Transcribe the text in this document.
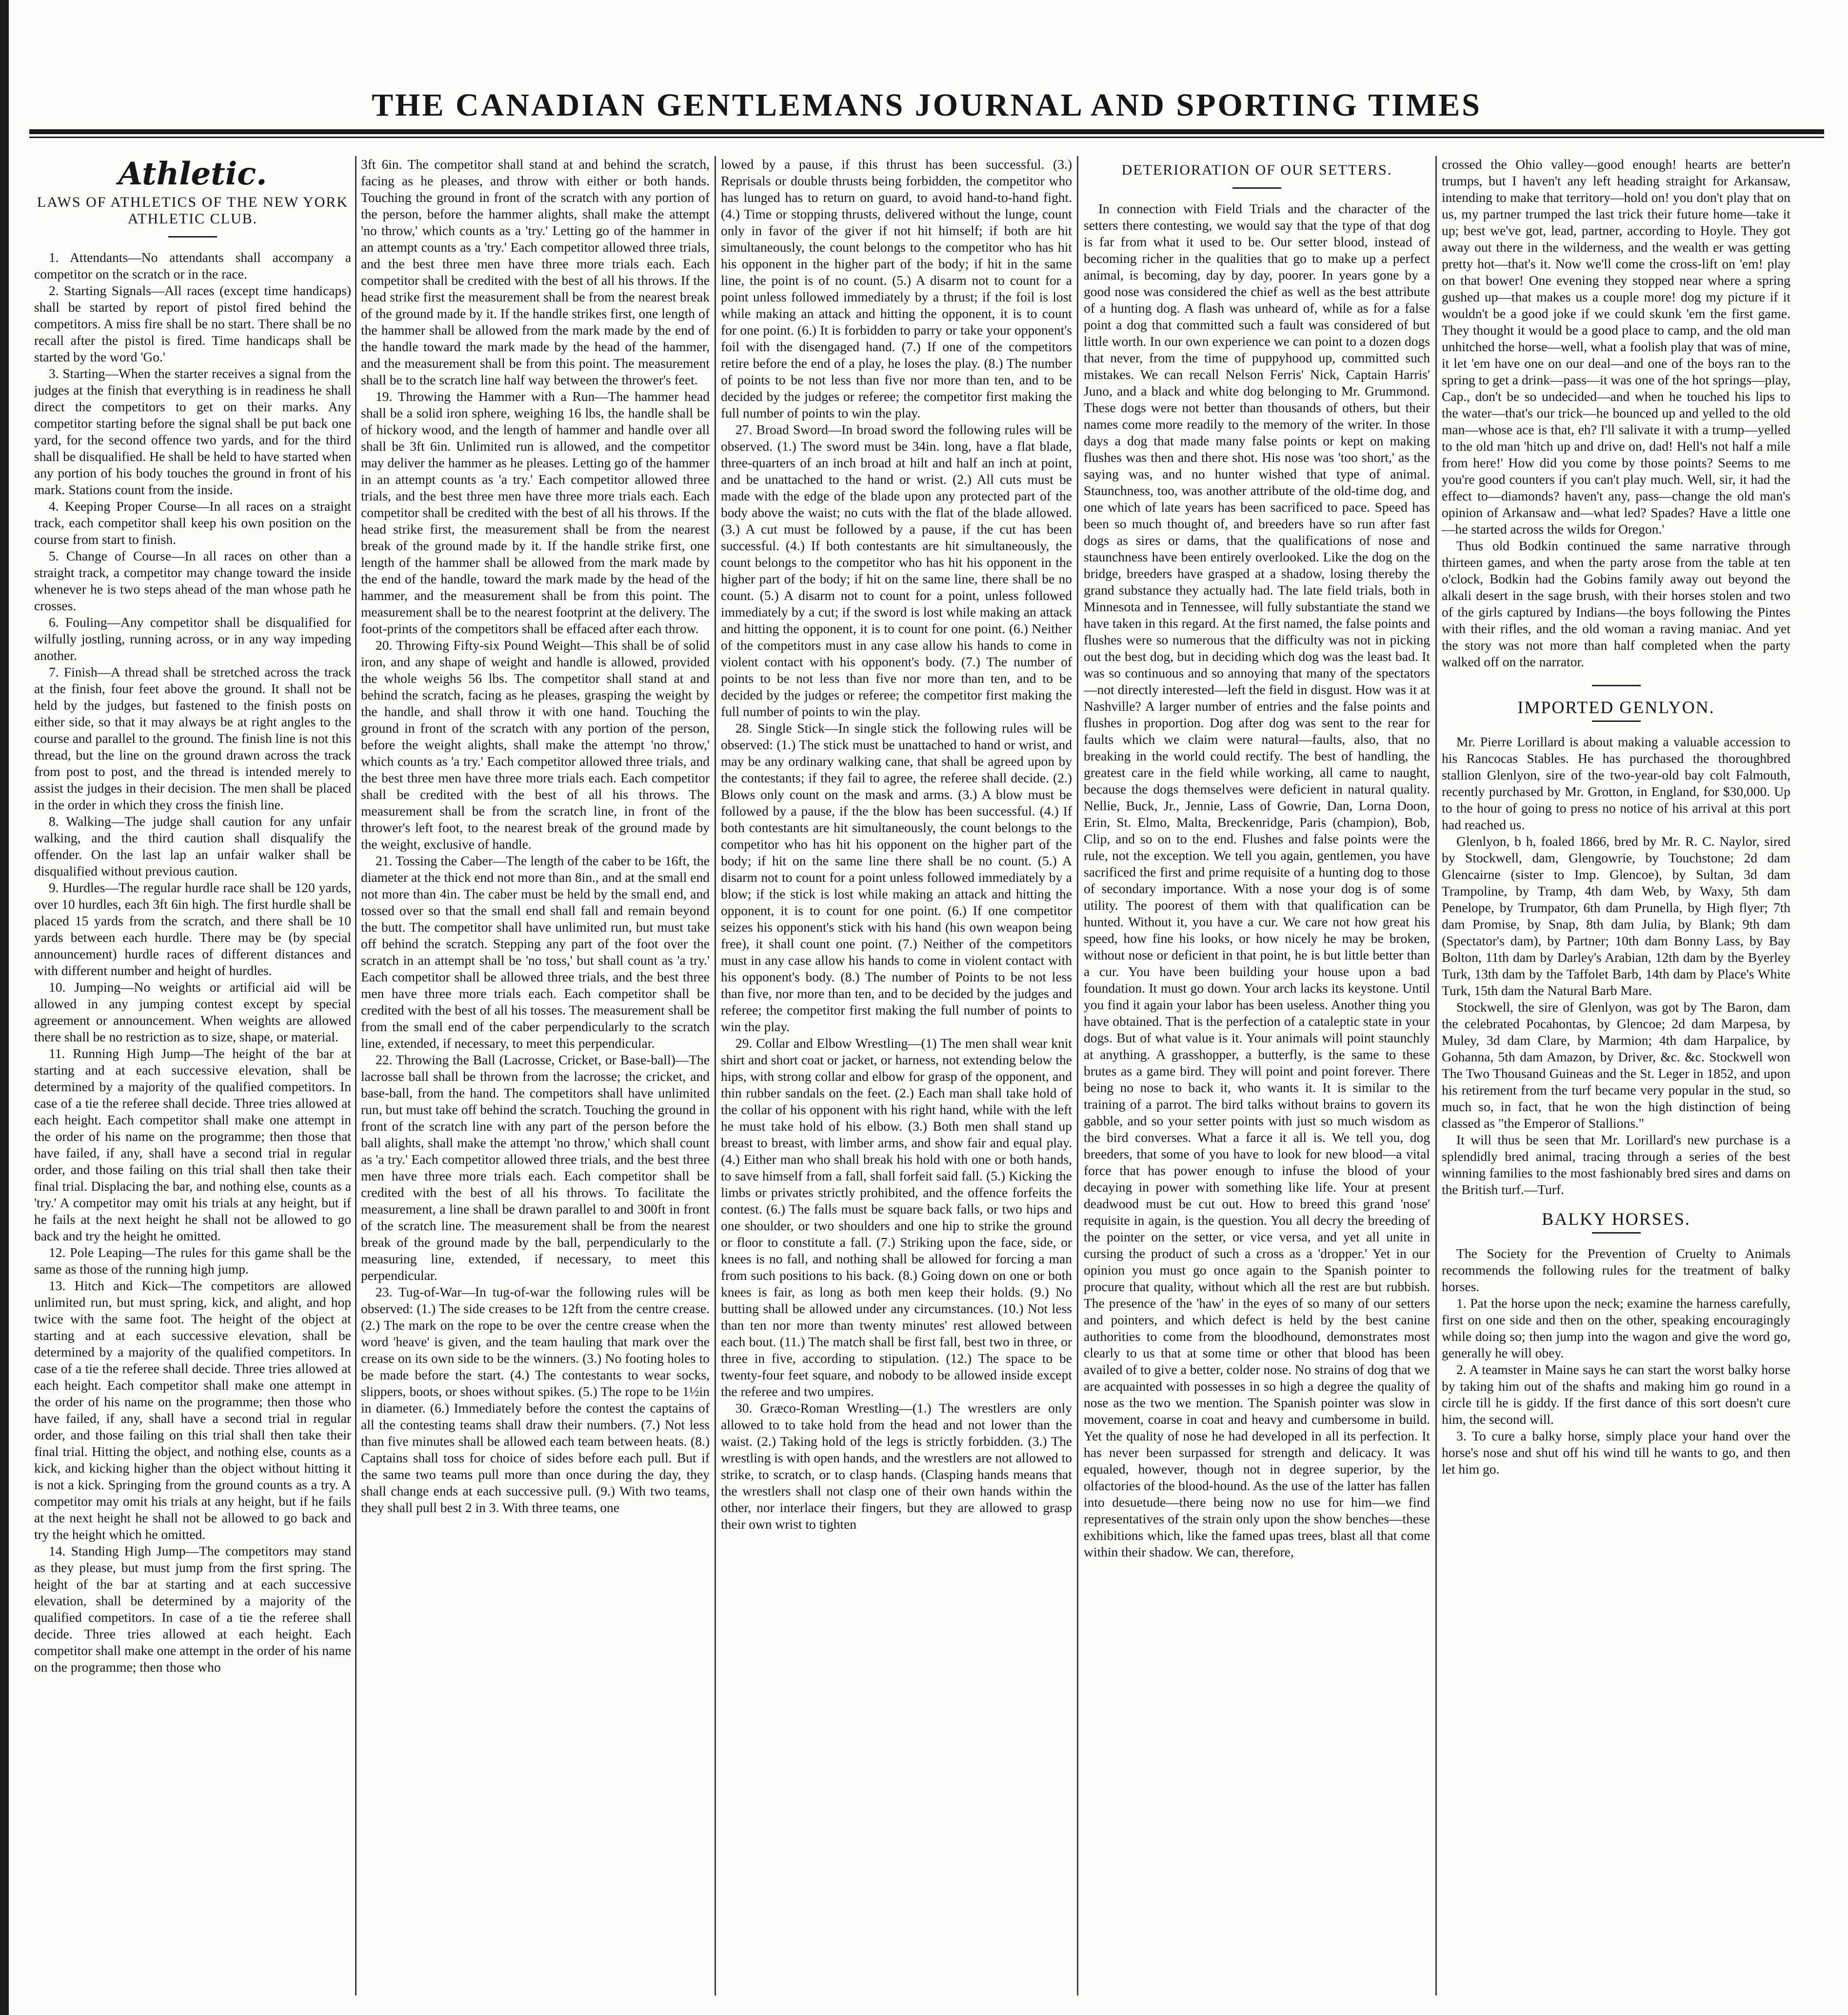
THE CANADIAN GENTLEMANS JOURNAL AND SPORTING TIMES
Athletic.
LAWS OF ATHLETICS OF THE NEW YORK ATHLETIC CLUB.

1. Attendants—No attendants shall accompany a competitor on the scratch or in the race.

2. Starting Signals—All races (except time handicaps) shall be started by report of pistol fired behind the competitors. A miss fire shall be no start. There shall be no recall after the pistol is fired. Time handicaps shall be started by the word 'Go.'

3. Starting—When the starter receives a signal from the judges at the finish that everything is in readiness he shall direct the competitors to get on their marks. Any competitor starting before the signal shall be put back one yard, for the second offence two yards, and for the third shall be disqualified. He shall be held to have started when any portion of his body touches the ground in front of his mark. Stations count from the inside.

4. Keeping Proper Course—In all races on a straight track, each competitor shall keep his own position on the course from start to finish.

5. Change of Course—In all races on other than a straight track, a competitor may change toward the inside whenever he is two steps ahead of the man whose path he crosses.

6. Fouling—Any competitor shall be disqualified for wilfully jostling, running across, or in any way impeding another.

7. Finish—A thread shall be stretched across the track at the finish, four feet above the ground. It shall not be held by the judges, but fastened to the finish posts on either side, so that it may always be at right angles to the course and parallel to the ground. The finish line is not this thread, but the line on the ground drawn across the track from post to post, and the thread is intended merely to assist the judges in their decision. The men shall be placed in the order in which they cross the finish line.

8. Walking—The judge shall caution for any unfair walking, and the third caution shall disqualify the offender. On the last lap an unfair walker shall be disqualified without previous caution.

9. Hurdles—The regular hurdle race shall be 120 yards, over 10 hurdles, each 3ft 6in high. The first hurdle shall be placed 15 yards from the scratch, and there shall be 10 yards between each hurdle. There may be (by special announcement) hurdle races of different distances and with different number and height of hurdles.

10. Jumping—No weights or artificial aid will be allowed in any jumping contest except by special agreement or announcement. When weights are allowed there shall be no restriction as to size, shape, or material.

11. Running High Jump—The height of the bar at starting and at each successive elevation, shall be determined by a majority of the qualified competitors. In case of a tie the referee shall decide. Three tries allowed at each height. Each competitor shall make one attempt in the order of his name on the programme; then those that have failed, if any, shall have a second trial in regular order, and those failing on this trial shall then take their final trial. Displacing the bar, and nothing else, counts as a 'try.' A competitor may omit his trials at any height, but if he fails at the next height he shall not be allowed to go back and try the height he omitted.

12. Pole Leaping—The rules for this game shall be the same as those of the running high jump.

13. Hitch and Kick—The competitors are allowed unlimited run, but must spring, kick, and alight, and hop twice with the same foot. The height of the object at starting and at each successive elevation, shall be determined by a majority of the qualified competitors. In case of a tie the referee shall decide. Three tries allowed at each height. Each competitor shall make one attempt in the order of his name on the programme; then those who have failed, if any, shall have a second trial in regular order, and those failing on this trial shall then take their final trial. Hitting the object, and nothing else, counts as a kick, and kicking higher than the object without hitting it is not a kick. Springing from the ground counts as a try. A competitor may omit his trials at any height, but if he fails at the next height he shall not be allowed to go back and try the height which he omitted.

14. Standing High Jump—The competitors may stand as they please, but must jump from the first spring. The height of the bar at starting and at each successive elevation, shall be determined by a majority of the qualified competitors. In case of a tie the referee shall decide. Three tries allowed at each height. Each competitor shall make one attempt in the order of his name on the programme; then those who

3ft 6in. The competitor shall stand at and behind the scratch, facing as he pleases, and throw with either or both hands. Touching the ground in front of the scratch with any portion of the person, before the hammer alights, shall make the attempt 'no throw,' which counts as a 'try.' Letting go of the hammer in an attempt counts as a 'try.' Each competitor allowed three trials, and the best three men have three more trials each. Each competitor shall be credited with the best of all his throws. If the head strike first the measurement shall be from the nearest break of the ground made by it. If the handle strikes first, one length of the hammer shall be allowed from the mark made by the end of the handle toward the mark made by the head of the hammer, and the measurement shall be from this point. The measurement shall be to the scratch line half way between the thrower's feet.

19. Throwing the Hammer with a Run—The hammer head shall be a solid iron sphere, weighing 16 lbs, the handle shall be of hickory wood, and the length of hammer and handle over all shall be 3ft 6in. Unlimited run is allowed, and the competitor may deliver the hammer as he pleases. Letting go of the hammer in an attempt counts as 'a try.' Each competitor allowed three trials, and the best three men have three more trials each. Each competitor shall be credited with the best of all his throws. If the head strike first, the measurement shall be from the nearest break of the ground made by it. If the handle strike first, one length of the hammer shall be allowed from the mark made by the end of the handle, toward the mark made by the head of the hammer, and the measurement shall be from this point. The measurement shall be to the nearest footprint at the delivery. The foot-prints of the competitors shall be effaced after each throw.

20. Throwing Fifty-six Pound Weight—This shall be of solid iron, and any shape of weight and handle is allowed, provided the whole weighs 56 lbs. The competitor shall stand at and behind the scratch, facing as he pleases, grasping the weight by the handle, and shall throw it with one hand. Touching the ground in front of the scratch with any portion of the person, before the weight alights, shall make the attempt 'no throw,' which counts as 'a try.' Each competitor allowed three trials, and the best three men have three more trials each. Each competitor shall be credited with the best of all his throws. The measurement shall be from the scratch line, in front of the thrower's left foot, to the nearest break of the ground made by the weight, exclusive of handle.

21. Tossing the Caber—The length of the caber to be 16ft, the diameter at the thick end not more than 8in., and at the small end not more than 4in. The caber must be held by the small end, and tossed over so that the small end shall fall and remain beyond the butt. The competitor shall have unlimited run, but must take off behind the scratch. Stepping any part of the foot over the scratch in an attempt shall be 'no toss,' but shall count as 'a try.' Each competitor shall be allowed three trials, and the best three men have three more trials each. Each competitor shall be credited with the best of all his tosses. The measurement shall be from the small end of the caber perpendicularly to the scratch line, extended, if necessary, to meet this perpendicular.

22. Throwing the Ball (Lacrosse, Cricket, or Base-ball)—The lacrosse ball shall be thrown from the lacrosse; the cricket, and base-ball, from the hand. The competitors shall have unlimited run, but must take off behind the scratch. Touching the ground in front of the scratch line with any part of the person before the ball alights, shall make the attempt 'no throw,' which shall count as 'a try.' Each competitor allowed three trials, and the best three men have three more trials each. Each competitor shall be credited with the best of all his throws. To facilitate the measurement, a line shall be drawn parallel to and 300ft in front of the scratch line. The measurement shall be from the nearest break of the ground made by the ball, perpendicularly to the measuring line, extended, if necessary, to meet this perpendicular.

23. Tug-of-War—In tug-of-war the following rules will be observed: (1.) The side creases to be 12ft from the centre crease. (2.) The mark on the rope to be over the centre crease when the word 'heave' is given, and the team hauling that mark over the crease on its own side to be the winners. (3.) No footing holes to be made before the start. (4.) The contestants to wear socks, slippers, boots, or shoes without spikes. (5.) The rope to be 1½in in diameter. (6.) Immediately before the contest the captains of all the contesting teams shall draw their numbers. (7.) Not less than five minutes shall be allowed each team between heats. (8.) Captains shall toss for choice of sides before each pull. But if the same two teams pull more than once during the day, they shall change ends at each successive pull. (9.) With two teams, they shall pull best 2 in 3. With three teams, one

lowed by a pause, if this thrust has been successful. (3.) Reprisals or double thrusts being forbidden, the competitor who has lunged has to return on guard, to avoid hand-to-hand fight. (4.) Time or stopping thrusts, delivered without the lunge, count only in favor of the giver if not hit himself; if both are hit simultaneously, the count belongs to the competitor who has hit his opponent in the higher part of the body; if hit in the same line, the point is of no count. (5.) A disarm not to count for a point unless followed immediately by a thrust; if the foil is lost while making an attack and hitting the opponent, it is to count for one point. (6.) It is forbidden to parry or take your opponent's foil with the disengaged hand. (7.) If one of the competitors retire before the end of a play, he loses the play. (8.) The number of points to be not less than five nor more than ten, and to be decided by the judges or referee; the competitor first making the full number of points to win the play.

27. Broad Sword—In broad sword the following rules will be observed. (1.) The sword must be 34in. long, have a flat blade, three-quarters of an inch broad at hilt and half an inch at point, and be unattached to the hand or wrist. (2.) All cuts must be made with the edge of the blade upon any protected part of the body above the waist; no cuts with the flat of the blade allowed. (3.) A cut must be followed by a pause, if the cut has been successful. (4.) If both contestants are hit simultaneously, the count belongs to the competitor who has hit his opponent in the higher part of the body; if hit on the same line, there shall be no count. (5.) A disarm not to count for a point, unless followed immediately by a cut; if the sword is lost while making an attack and hitting the opponent, it is to count for one point. (6.) Neither of the competitors must in any case allow his hands to come in violent contact with his opponent's body. (7.) The number of points to be not less than five nor more than ten, and to be decided by the judges or referee; the competitor first making the full number of points to win the play.

28. Single Stick—In single stick the following rules will be observed: (1.) The stick must be unattached to hand or wrist, and may be any ordinary walking cane, that shall be agreed upon by the contestants; if they fail to agree, the referee shall decide. (2.) Blows only count on the mask and arms. (3.) A blow must be followed by a pause, if the the blow has been successful. (4.) If both contestants are hit simultaneously, the count belongs to the competitor who has hit his opponent on the higher part of the body; if hit on the same line there shall be no count. (5.) A disarm not to count for a point unless followed immediately by a blow; if the stick is lost while making an attack and hitting the opponent, it is to count for one point. (6.) If one competitor seizes his opponent's stick with his hand (his own weapon being free), it shall count one point. (7.) Neither of the competitors must in any case allow his hands to come in violent contact with his opponent's body. (8.) The number of Points to be not less than five, nor more than ten, and to be decided by the judges and referee; the competitor first making the full number of points to win the play.

29. Collar and Elbow Wrestling—(1) The men shall wear knit shirt and short coat or jacket, or harness, not extending below the hips, with strong collar and elbow for grasp of the opponent, and thin rubber sandals on the feet. (2.) Each man shall take hold of the collar of his opponent with his right hand, while with the left he must take hold of his elbow. (3.) Both men shall stand up breast to breast, with limber arms, and show fair and equal play. (4.) Either man who shall break his hold with one or both hands, to save himself from a fall, shall forfeit said fall. (5.) Kicking the limbs or privates strictly prohibited, and the offence forfeits the contest. (6.) The falls must be square back falls, or two hips and one shoulder, or two shoulders and one hip to strike the ground or floor to constitute a fall. (7.) Striking upon the face, side, or knees is no fall, and nothing shall be allowed for forcing a man from such positions to his back. (8.) Going down on one or both knees is fair, as long as both men keep their holds. (9.) No butting shall be allowed under any circumstances. (10.) Not less than ten nor more than twenty minutes' rest allowed between each bout. (11.) The match shall be first fall, best two in three, or three in five, according to stipulation. (12.) The space to be twenty-four feet square, and nobody to be allowed inside except the referee and two umpires.

30. Græco-Roman Wrestling—(1.) The wrestlers are only allowed to to take hold from the head and not lower than the waist. (2.) Taking hold of the legs is strictly forbidden. (3.) The wrestling is with open hands, and the wrestlers are not allowed to strike, to scratch, or to clasp hands. (Clasping hands means that the wrestlers shall not clasp one of their own hands within the other, nor interlace their fingers, but they are allowed to grasp their own wrist to tighten

DETERIORATION OF OUR SETTERS.

In connection with Field Trials and the character of the setters there contesting, we would say that the type of that dog is far from what it used to be. Our setter blood, instead of becoming richer in the qualities that go to make up a perfect animal, is becoming, day by day, poorer. In years gone by a good nose was considered the chief as well as the best attribute of a hunting dog. A flash was unheard of, while as for a false point a dog that committed such a fault was considered of but little worth. In our own experience we can point to a dozen dogs that never, from the time of puppyhood up, committed such mistakes. We can recall Nelson Ferris' Nick, Captain Harris' Juno, and a black and white dog belonging to Mr. Grummond. These dogs were not better than thousands of others, but their names come more readily to the memory of the writer. In those days a dog that made many false points or kept on making flushes was then and there shot. His nose was 'too short,' as the saying was, and no hunter wished that type of animal. Staunchness, too, was another attribute of the old-time dog, and one which of late years has been sacrificed to pace. Speed has been so much thought of, and breeders have so run after fast dogs as sires or dams, that the qualifications of nose and staunchness have been entirely overlooked. Like the dog on the bridge, breeders have grasped at a shadow, losing thereby the grand substance they actually had. The late field trials, both in Minnesota and in Tennessee, will fully substantiate the stand we have taken in this regard. At the first named, the false points and flushes were so numerous that the difficulty was not in picking out the best dog, but in deciding which dog was the least bad. It was so continuous and so annoying that many of the spectators—not directly interested—left the field in disgust. How was it at Nashville? A larger number of entries and the false points and flushes in proportion. Dog after dog was sent to the rear for faults which we claim were natural—faults, also, that no breaking in the world could rectify. The best of handling, the greatest care in the field while working, all came to naught, because the dogs themselves were deficient in natural quality. Nellie, Buck, Jr., Jennie, Lass of Gowrie, Dan, Lorna Doon, Erin, St. Elmo, Malta, Breckenridge, Paris (champion), Bob, Clip, and so on to the end. Flushes and false points were the rule, not the exception. We tell you again, gentlemen, you have sacrificed the first and prime requisite of a hunting dog to those of secondary importance. With a nose your dog is of some utility. The poorest of them with that qualification can be hunted. Without it, you have a cur. We care not how great his speed, how fine his looks, or how nicely he may be broken, without nose or deficient in that point, he is but little better than a cur. You have been building your house upon a bad foundation. It must go down. Your arch lacks its keystone. Until you find it again your labor has been useless. Another thing you have obtained. That is the perfection of a cataleptic state in your dogs. But of what value is it. Your animals will point staunchly at anything. A grasshopper, a butterfly, is the same to these brutes as a game bird. They will point and point forever. There being no nose to back it, who wants it. It is similar to the training of a parrot. The bird talks without brains to govern its gabble, and so your setter points with just so much wisdom as the bird converses. What a farce it all is. We tell you, dog breeders, that some of you have to look for new blood—a vital force that has power enough to infuse the blood of your decaying in power with something like life. Your at present deadwood must be cut out. How to breed this grand 'nose' requisite in again, is the question. You all decry the breeding of the pointer on the setter, or vice versa, and yet all unite in cursing the product of such a cross as a 'dropper.' Yet in our opinion you must go once again to the Spanish pointer to procure that quality, without which all the rest are but rubbish. The presence of the 'haw' in the eyes of so many of our setters and pointers, and which defect is held by the best canine authorities to come from the bloodhound, demonstrates most clearly to us that at some time or other that blood has been availed of to give a better, colder nose. No strains of dog that we are acquainted with possesses in so high a degree the quality of nose as the two we mention. The Spanish pointer was slow in movement, coarse in coat and heavy and cumbersome in build. Yet the quality of nose he had developed in all its perfection. It has never been surpassed for strength and delicacy. It was equaled, however, though not in degree superior, by the olfactories of the blood-hound. As the use of the latter has fallen into desuetude—there being now no use for him—we find representatives of the strain only upon the show benches—these exhibitions which, like the famed upas trees, blast all that come within their shadow. We can, therefore,

crossed the Ohio valley—good enough! hearts are better'n trumps, but I haven't any left heading straight for Arkansaw, intending to make that territory—hold on! you don't play that on us, my partner trumped the last trick their future home—take it up; best we've got, lead, partner, according to Hoyle. They got away out there in the wilderness, and the wealth er was getting pretty hot—that's it. Now we'll come the cross-lift on 'em! play on that bower! One evening they stopped near where a spring gushed up—that makes us a couple more! dog my picture if it wouldn't be a good joke if we could skunk 'em the first game. They thought it would be a good place to camp, and the old man unhitched the horse—well, what a foolish play that was of mine, it let 'em have one on our deal—and one of the boys ran to the spring to get a drink—pass—it was one of the hot springs—play, Cap., don't be so undecided—and when he touched his lips to the water—that's our trick—he bounced up and yelled to the old man—whose ace is that, eh? I'll salivate it with a trump—yelled to the old man 'hitch up and drive on, dad! Hell's not half a mile from here!' How did you come by those points? Seems to me you're good counters if you can't play much. Well, sir, it had the effect to—diamonds? haven't any, pass—change the old man's opinion of Arkansaw and—what led? Spades? Have a little one—he started across the wilds for Oregon.'

Thus old Bodkin continued the same narrative through thirteen games, and when the party arose from the table at ten o'clock, Bodkin had the Gobins family away out beyond the alkali desert in the sage brush, with their horses stolen and two of the girls captured by Indians—the boys following the Pintes with their rifles, and the old woman a raving maniac. And yet the story was not more than half completed when the party walked off on the narrator.

IMPORTED GENLYON.

Mr. Pierre Lorillard is about making a valuable accession to his Rancocas Stables. He has purchased the thoroughbred stallion Glenlyon, sire of the two-year-old bay colt Falmouth, recently purchased by Mr. Grotton, in England, for $30,000. Up to the hour of going to press no notice of his arrival at this port had reached us.

Glenlyon, b h, foaled 1866, bred by Mr. R. C. Naylor, sired by Stockwell, dam, Glengowrie, by Touchstone; 2d dam Glencairne (sister to Imp. Glencoe), by Sultan, 3d dam Trampoline, by Tramp, 4th dam Web, by Waxy, 5th dam Penelope, by Trumpator, 6th dam Prunella, by High flyer; 7th dam Promise, by Snap, 8th dam Julia, by Blank; 9th dam (Spectator's dam), by Partner; 10th dam Bonny Lass, by Bay Bolton, 11th dam by Darley's Arabian, 12th dam by the Byerley Turk, 13th dam by the Taffolet Barb, 14th dam by Place's White Turk, 15th dam the Natural Barb Mare.

Stockwell, the sire of Glenlyon, was got by The Baron, dam the celebrated Pocahontas, by Glencoe; 2d dam Marpesa, by Muley, 3d dam Clare, by Marmion; 4th dam Harpalice, by Gohanna, 5th dam Amazon, by Driver, &c. &c. Stockwell won The Two Thousand Guineas and the St. Leger in 1852, and upon his retirement from the turf became very popular in the stud, so much so, in fact, that he won the high distinction of being classed as "the Emperor of Stallions."

It will thus be seen that Mr. Lorillard's new purchase is a splendidly bred animal, tracing through a series of the best winning families to the most fashionably bred sires and dams on the British turf.—Turf.

BALKY HORSES.

The Society for the Prevention of Cruelty to Animals recommends the following rules for the treatment of balky horses.

1. Pat the horse upon the neck; examine the harness carefully, first on one side and then on the other, speaking encouragingly while doing so; then jump into the wagon and give the word go, generally he will obey.

2. A teamster in Maine says he can start the worst balky horse by taking him out of the shafts and making him go round in a circle till he is giddy. If the first dance of this sort doesn't cure him, the second will.

3. To cure a balky horse, simply place your hand over the horse's nose and shut off his wind till he wants to go, and then let him go.
